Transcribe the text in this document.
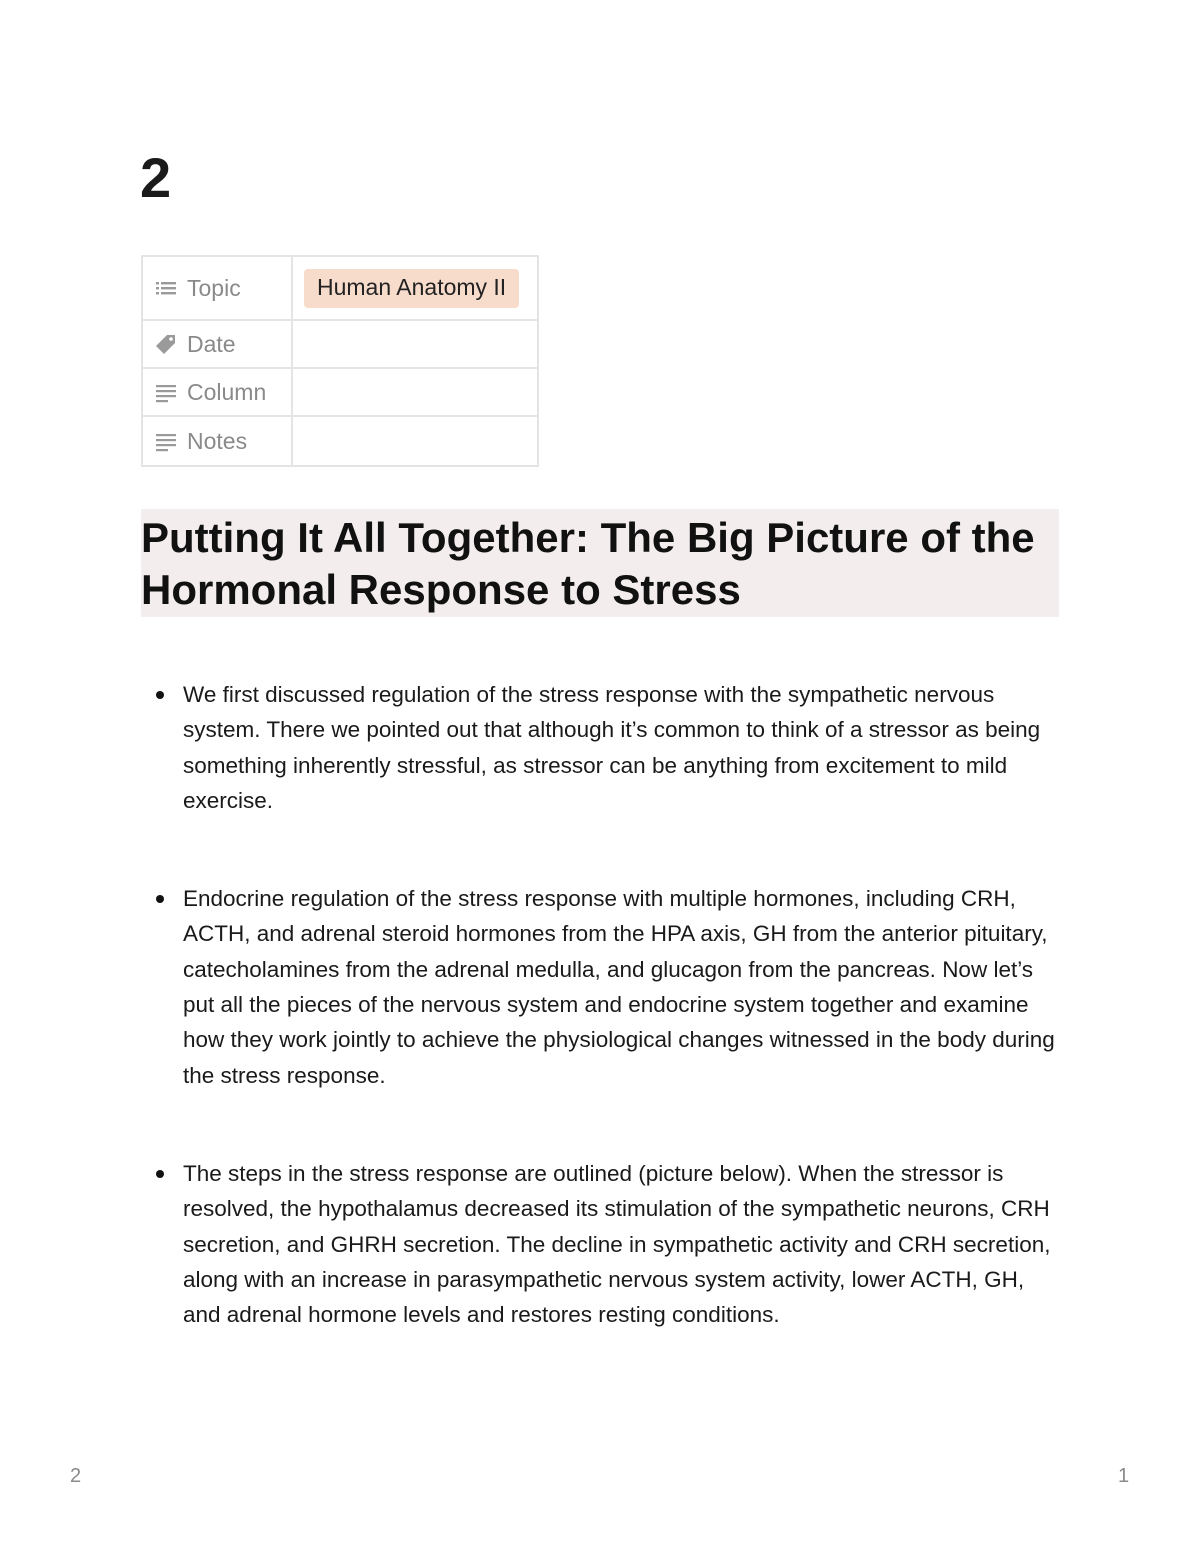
2
Topic	Human Anatomy II

Date	

Column	

Notes	

Putting It All Together: The Big Picture of the Hormonal Response to Stress
We first discussed regulation of the stress response with the sympathetic nervous system. There we pointed out that although it’s common to think of a stressor as being something inherently stressful, as stressor can be anything from excitement to mild exercise.
Endocrine regulation of the stress response with multiple hormones, including CRH, ACTH, and adrenal steroid hormones from the HPA axis, GH from the anterior pituitary, catecholamines from the adrenal medulla, and glucagon from the pancreas. Now let’s put all the pieces of the nervous system and endocrine system together and examine how they work jointly to achieve the physiological changes witnessed in the body during the stress response.
The steps in the stress response are outlined (picture below). When the stressor is resolved, the hypothalamus decreased its stimulation of the sympathetic neurons, CRH secretion, and GHRH secretion. The decline in sympathetic activity and CRH secretion, along with an increase in parasympathetic nervous system activity, lower ACTH, GH, and adrenal hormone levels and restores resting conditions.
2	1
